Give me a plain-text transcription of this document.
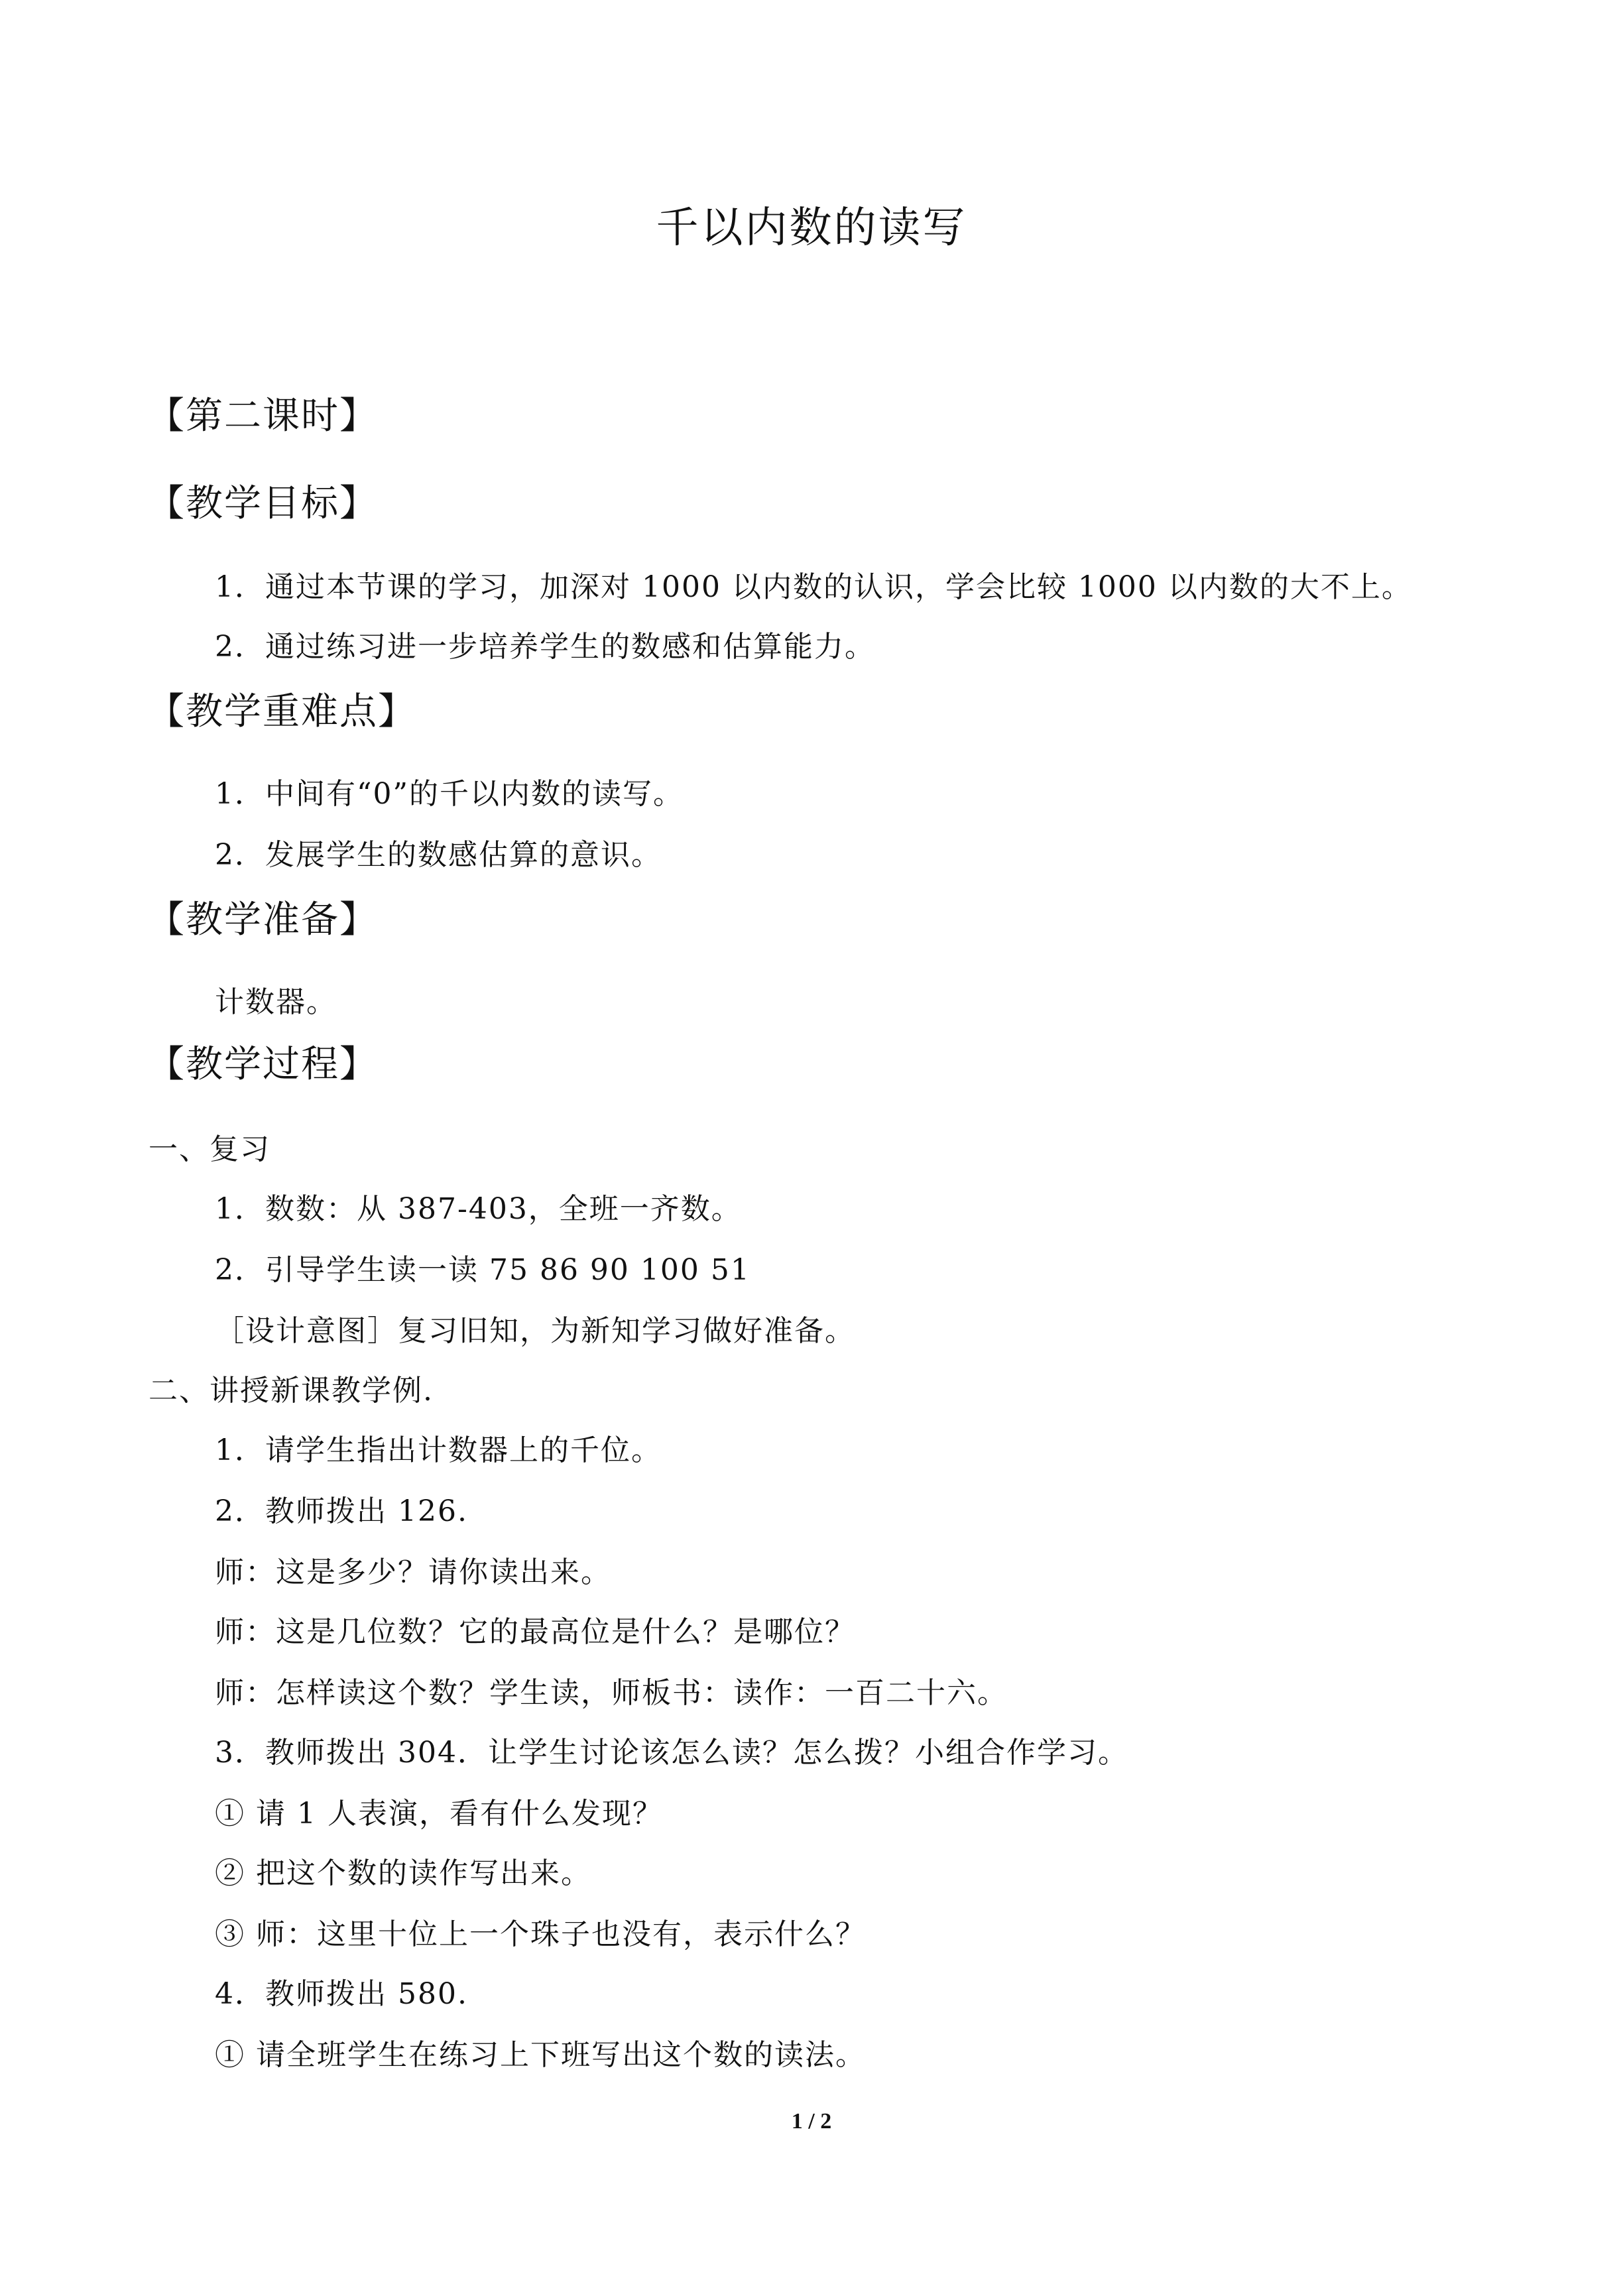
千以内数的读写
【第二课时】
【教学目标】
1．通过本节课的学习，加深对 1000 以内数的认识，学会比较 1000 以内数的大不上。
2．通过练习进一步培养学生的数感和估算能力。
【教学重难点】
1．中间有“0”的千以内数的读写。
2．发展学生的数感估算的意识。
【教学准备】
计数器。
【教学过程】
一、复习
1．数数：从 387-403，全班一齐数。
2．引导学生读一读 75 86 90 100 51
［设计意图］复习旧知，为新知学习做好准备。
二、讲授新课教学例.
1．请学生指出计数器上的千位。
2．教师拨出 126.
师：这是多少？请你读出来。
师：这是几位数？它的最高位是什么？是哪位？
师：怎样读这个数？学生读，师板书：读作：一百二十六。
3．教师拨出 304．让学生讨论该怎么读？怎么拨？小组合作学习。
① 请 1 人表演，看有什么发现？
② 把这个数的读作写出来。
③ 师：这里十位上一个珠子也没有，表示什么？
4．教师拨出 580.
① 请全班学生在练习上下班写出这个数的读法。
1 / 2
